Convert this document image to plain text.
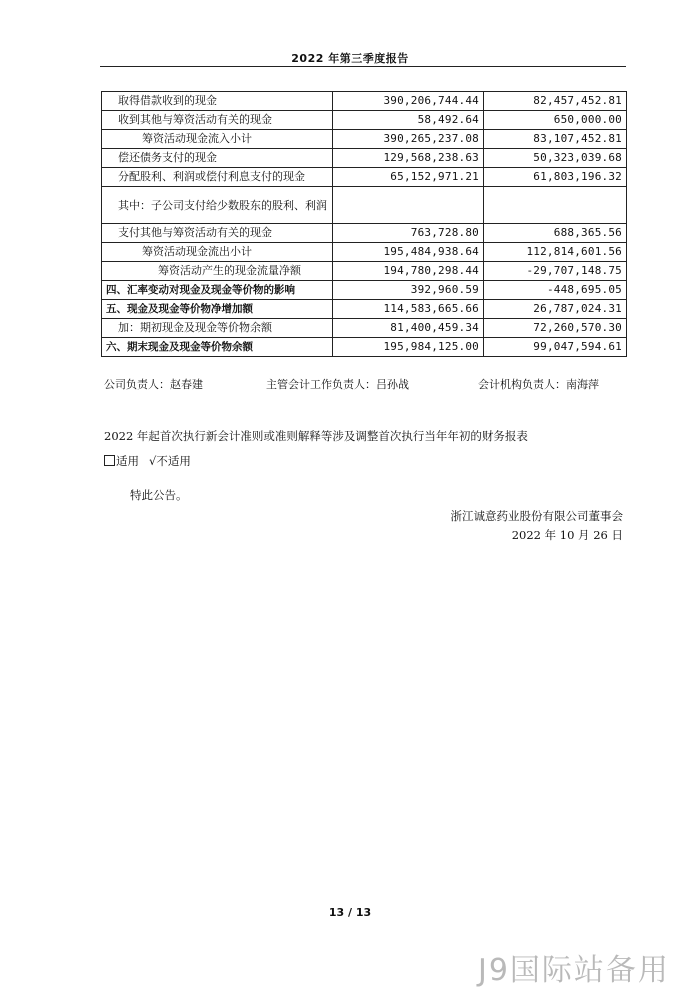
2022 年第三季度报告
取得借款收到的现金	390,206,744.44	82,457,452.81
收到其他与筹资活动有关的现金	58,492.64	650,000.00
筹资活动现金流入小计	390,265,237.08	83,107,452.81
偿还债务支付的现金	129,568,238.63	50,323,039.68
分配股利、利润或偿付利息支付的现金	65,152,971.21	61,803,196.32
其中：子公司支付给少数股东的股利、利润		
支付其他与筹资活动有关的现金	763,728.80	688,365.56
筹资活动现金流出小计	195,484,938.64	112,814,601.56
筹资活动产生的现金流量净额	194,780,298.44	-29,707,148.75
四、汇率变动对现金及现金等价物的影响	392,960.59	-448,695.05
五、现金及现金等价物净增加额	114,583,665.66	26,787,024.31
加：期初现金及现金等价物余额	81,400,459.34	72,260,570.30
六、期末现金及现金等价物余额	195,984,125.00	99,047,594.61
公司负责人：赵春建	主管会计工作负责人：吕孙战	会计机构负责人：南海萍
2022 年起首次执行新会计准则或准则解释等涉及调整首次执行当年年初的财务报表
适用 √不适用
特此公告。
浙江诚意药业股份有限公司董事会
2022 年 10 月 26 日
13 / 13
J9国际站备用
